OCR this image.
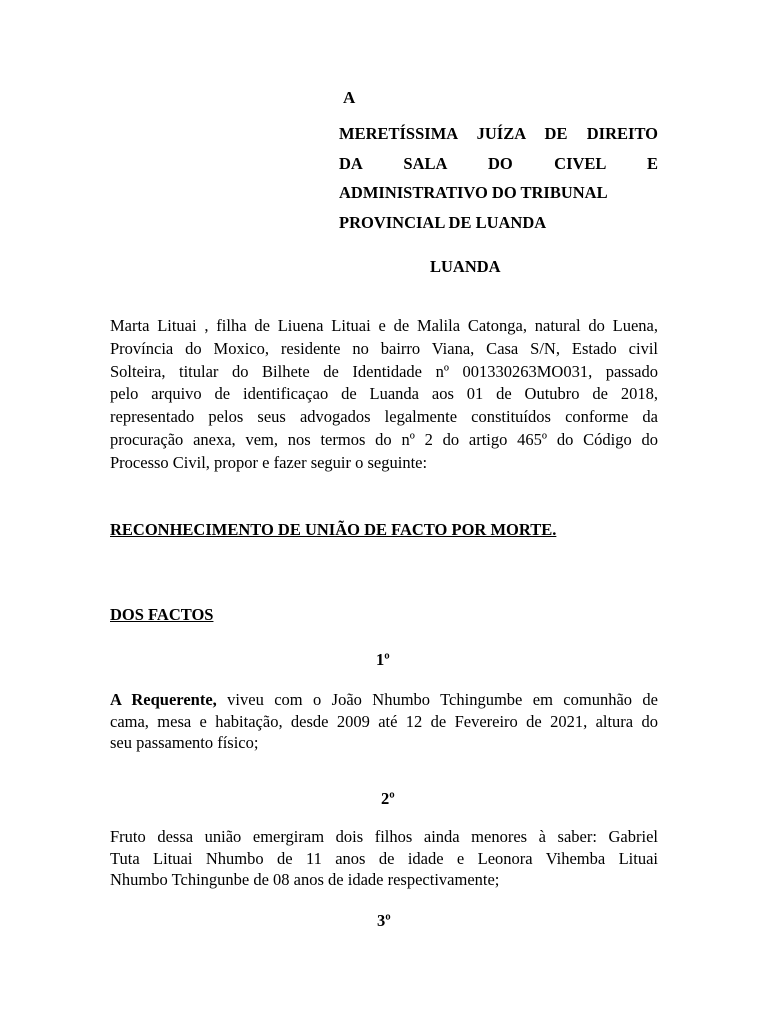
A
MERETÍSSIMA JUÍZA DE DIREITO
DA SALA DO CIVEL E
ADMINISTRATIVO DO TRIBUNAL
PROVINCIAL DE LUANDA
LUANDA
Marta Lituai , filha de Liuena Lituai e de Malila Catonga, natural do Luena,
Província do Moxico, residente no bairro Viana, Casa S/N, Estado civil
Solteira, titular do Bilhete de Identidade nº 001330263MO031, passado
pelo arquivo de identificaçao de Luanda aos 01 de Outubro de 2018,
representado pelos seus advogados legalmente constituídos conforme da
procuração anexa, vem, nos termos do nº 2 do artigo 465º do Código do
Processo Civil, propor e fazer seguir o seguinte:
RECONHECIMENTO DE UNIÃO DE FACTO POR MORTE.
DOS FACTOS
1º
A Requerente, viveu com o João Nhumbo Tchingumbe em comunhão de
cama, mesa e habitação, desde 2009 até 12 de Fevereiro de 2021, altura do
seu passamento físico;
2º
Fruto dessa união emergiram dois filhos ainda menores à saber: Gabriel
Tuta Lituai Nhumbo de 11 anos de idade e Leonora Vihemba Lituai
Nhumbo Tchingunbe de 08 anos de idade respectivamente;
3º
